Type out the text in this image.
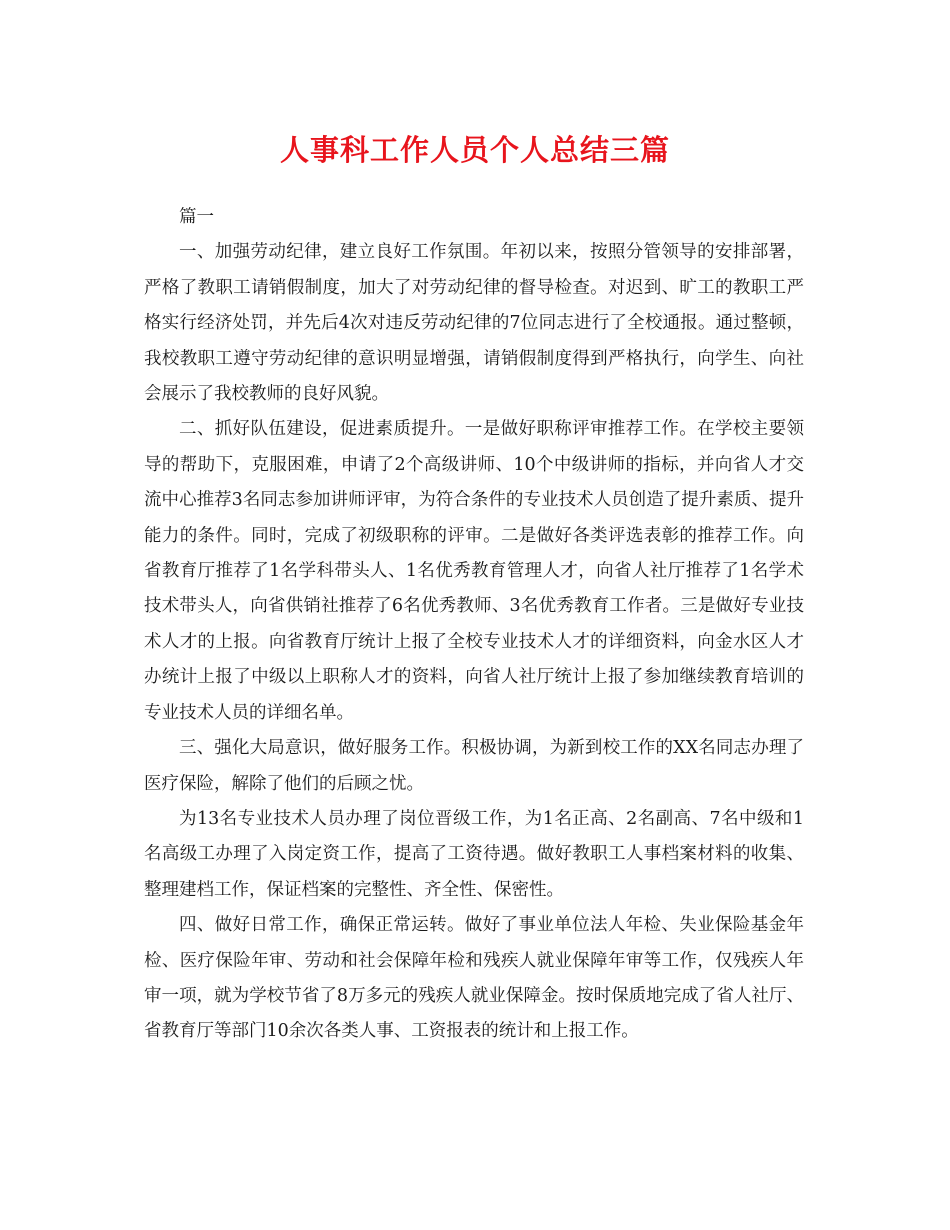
人事科工作人员个人总结三篇

篇一

一、加强劳动纪律，建立良好工作氛围。年初以来，按照分管领导的安排部署，严格了教职工请销假制度，加大了对劳动纪律的督导检查。对迟到、旷工的教职工严格实行经济处罚，并先后4次对违反劳动纪律的7位同志进行了全校通报。通过整顿，我校教职工遵守劳动纪律的意识明显增强，请销假制度得到严格执行，向学生、向社会展示了我校教师的良好风貌。

二、抓好队伍建设，促进素质提升。一是做好职称评审推荐工作。在学校主要领导的帮助下，克服困难，申请了2个高级讲师、10个中级讲师的指标，并向省人才交流中心推荐3名同志参加讲师评审，为符合条件的专业技术人员创造了提升素质、提升能力的条件。同时，完成了初级职称的评审。二是做好各类评选表彰的推荐工作。向省教育厅推荐了1名学科带头人、1名优秀教育管理人才，向省人社厅推荐了1名学术技术带头人，向省供销社推荐了6名优秀教师、3名优秀教育工作者。三是做好专业技术人才的上报。向省教育厅统计上报了全校专业技术人才的详细资料，向金水区人才办统计上报了中级以上职称人才的资料，向省人社厅统计上报了参加继续教育培训的专业技术人员的详细名单。

三、强化大局意识，做好服务工作。积极协调，为新到校工作的XX名同志办理了医疗保险，解除了他们的后顾之忧。

为13名专业技术人员办理了岗位晋级工作，为1名正高、2名副高、7名中级和1名高级工办理了入岗定资工作，提高了工资待遇。做好教职工人事档案材料的收集、整理建档工作，保证档案的完整性、齐全性、保密性。

四、做好日常工作，确保正常运转。做好了事业单位法人年检、失业保险基金年检、医疗保险年审、劳动和社会保障年检和残疾人就业保障年审等工作，仅残疾人年审一项，就为学校节省了8万多元的残疾人就业保障金。按时保质地完成了省人社厅、省教育厅等部门10余次各类人事、工资报表的统计和上报工作。
